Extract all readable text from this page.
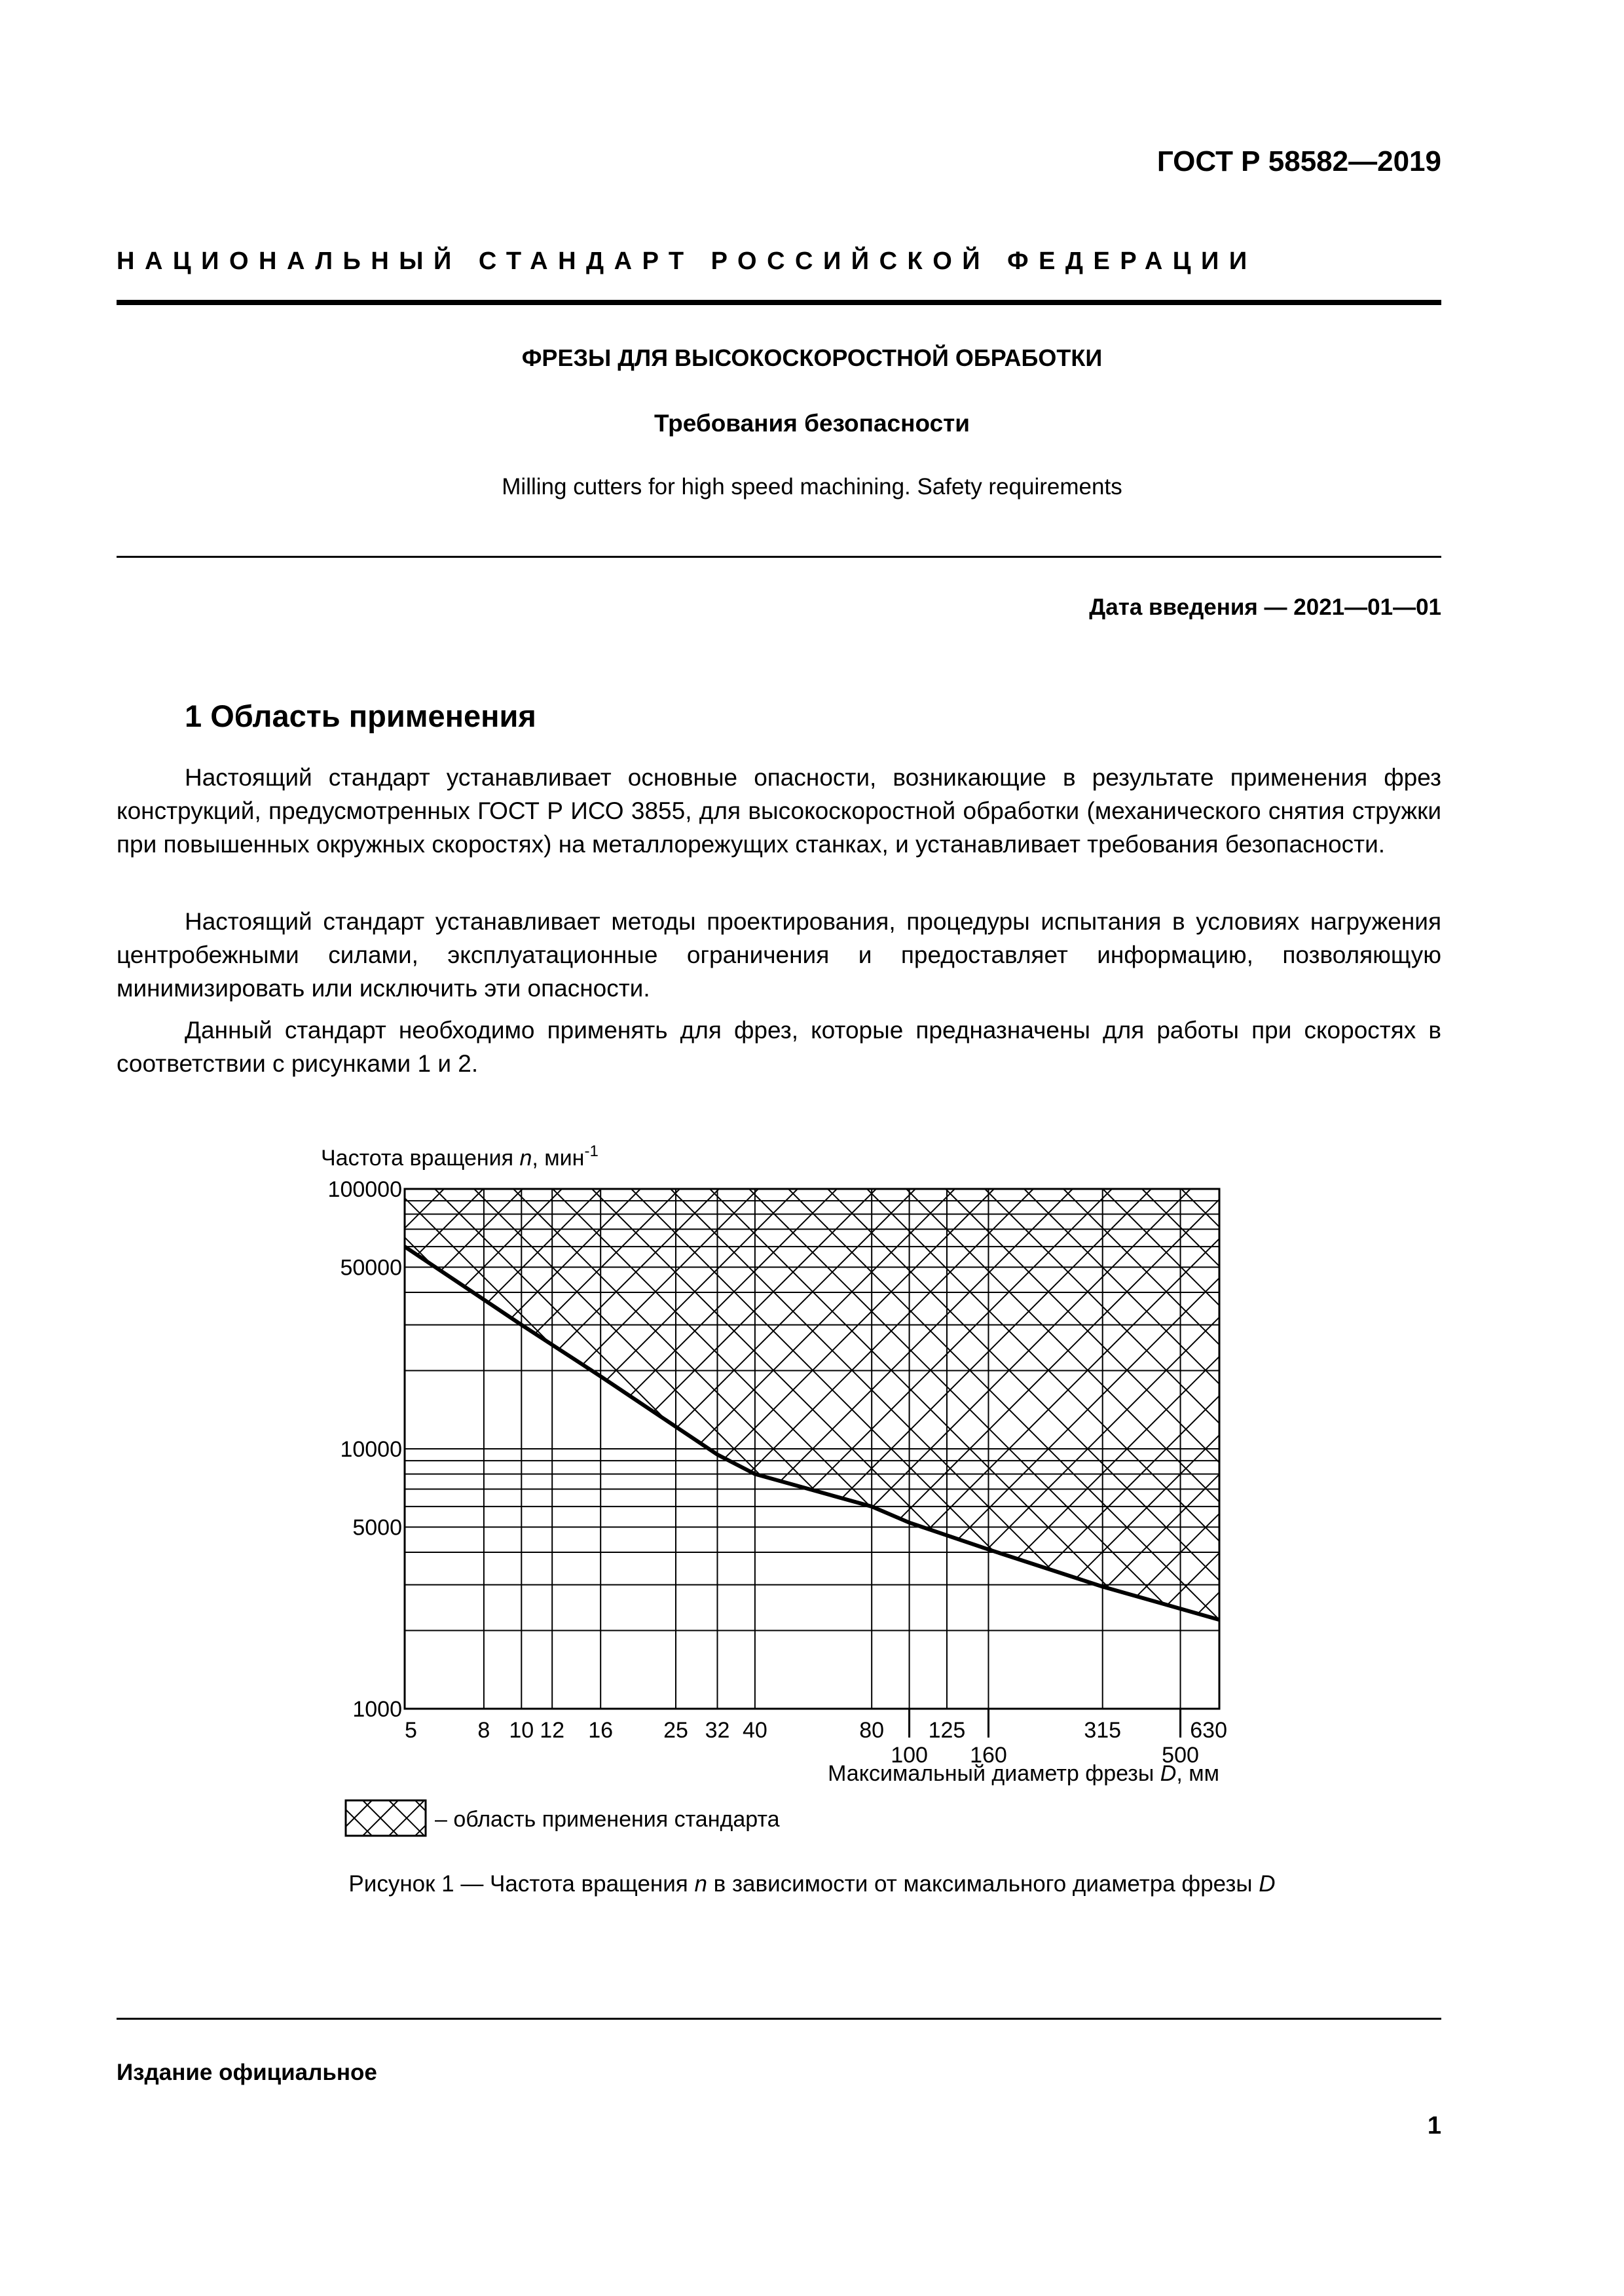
ГОСТ Р 58582—2019
НАЦИОНАЛЬНЫЙ СТАНДАРТ РОССИЙСКОЙ ФЕДЕРАЦИИ
ФРЕЗЫ ДЛЯ ВЫСОКОСКОРОСТНОЙ ОБРАБОТКИ
Требования безопасности
Milling cutters for high speed machining. Safety requirements
Дата введения — 2021—01—01
1 Область применения

Настоящий стандарт устанавливает основные опасности, возникающие в результате применения фрез конструкций, предусмотренных ГОСТ Р ИСО 3855, для высокоскоростной обработки (механического снятия стружки при повышенных окружных скоростях) на металлорежущих станках, и устанавливает требования безопасности.

Настоящий стандарт устанавливает методы проектирования, процедуры испытания в условиях нагружения центробежными силами, эксплуатационные ограничения и предоставляет информацию, позволяющую минимизировать или исключить эти опасности.

Данный стандарт необходимо применять для фрез, которые предназначены для работы при скоростях в соответствии с рисунками 1 и 2.

Частота вращения n, мин$^{-1}$
100000
50000
10000
5000
1000
5	8 10 12 16 25 32 40	80 125	315	630
100 160	500
Максимальный диаметр фрезы D, мм
– область применения стандарта
Рисунок 1 — Частота вращения n в зависимости от максимального диаметра фрезы D
Издание официальное
1
